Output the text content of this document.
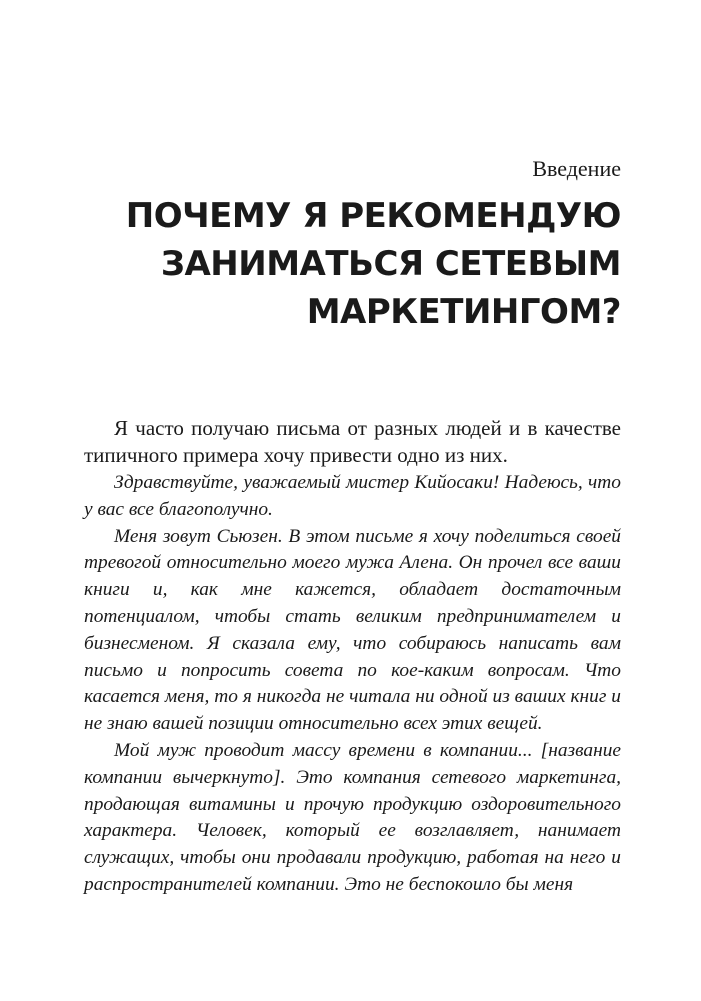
Введение
ПОЧЕМУ Я РЕКОМЕНДУЮ
ЗАНИМАТЬСЯ СЕТЕВЫМ
МАРКЕТИНГОМ?

Я часто получаю письма от разных людей и в качестве типичного примера хочу привести одно из них.

Здравствуйте, уважаемый мистер Кийосаки! Надеюсь, что у вас все благополучно.

Меня зовут Сьюзен. В этом письме я хочу поделиться своей тревогой относительно моего мужа Алена. Он прочел все ваши книги и, как мне кажется, обладает достаточным потенциалом, чтобы стать великим предпринимателем и бизнесменом. Я сказала ему, что собираюсь написать вам письмо и попросить совета по кое-каким вопросам. Что касается меня, то я никогда не читала ни одной из ваших книг и не знаю вашей позиции относительно всех этих вещей.

Мой муж проводит массу времени в компании... [название компании вычеркнуто]. Это компания сетевого маркетинга, продающая витамины и прочую продукцию оздоровительного характера. Человек, который ее возглавляет, нанимает служащих, чтобы они продавали продукцию, работая на него и распространителей компании. Это не беспокоило бы меня
